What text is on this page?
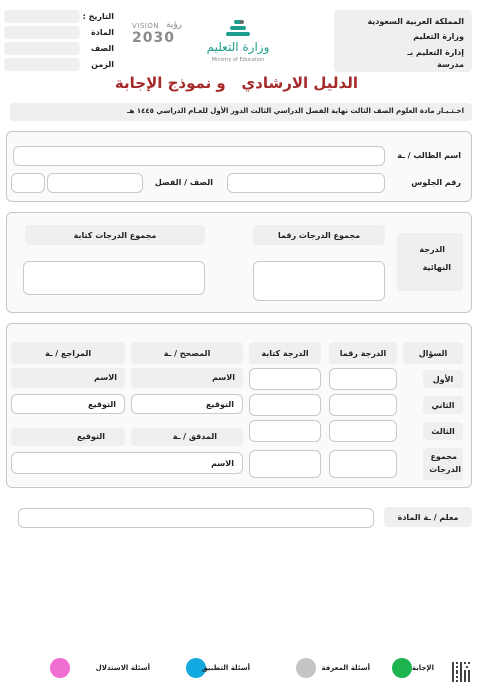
المملكة العربية السعودية
وزارة التعليم
إدارة التعليم بـ
مدرسة
التاريخ :
المادة
الصف
الزمن
وزارة التعليم
Ministry of Education
VISION رؤية
2030
الدليل الارشادي   و نموذج الإجابة
اخـتـبـار مادة العلوم الصف الثالث نهاية الفصل الدراسي الثالث الدور الأول للعـام الدراسي ١٤٤٥ هـ
اسم الطالب / ـة
رقم الجلوس
الصف / الفصل
الدرجة
النهائية
مجموع الدرجات رقما
مجموع الدرجات كتابة
السؤال
الدرجة رقما
الدرجة كتابة
المصحح / ـة
المراجع / ـة
الأول
الاسم
الاسم
الثاني
التوقيع
التوقيع
الثالث
المدقق / ـة
التوقيع
مجموع
الدرجات
الاسم
معلم / ـة المادة
الإجابة
أسئلة المعرفة
أسئلة التطبيق
أسئلة الاستدلال
